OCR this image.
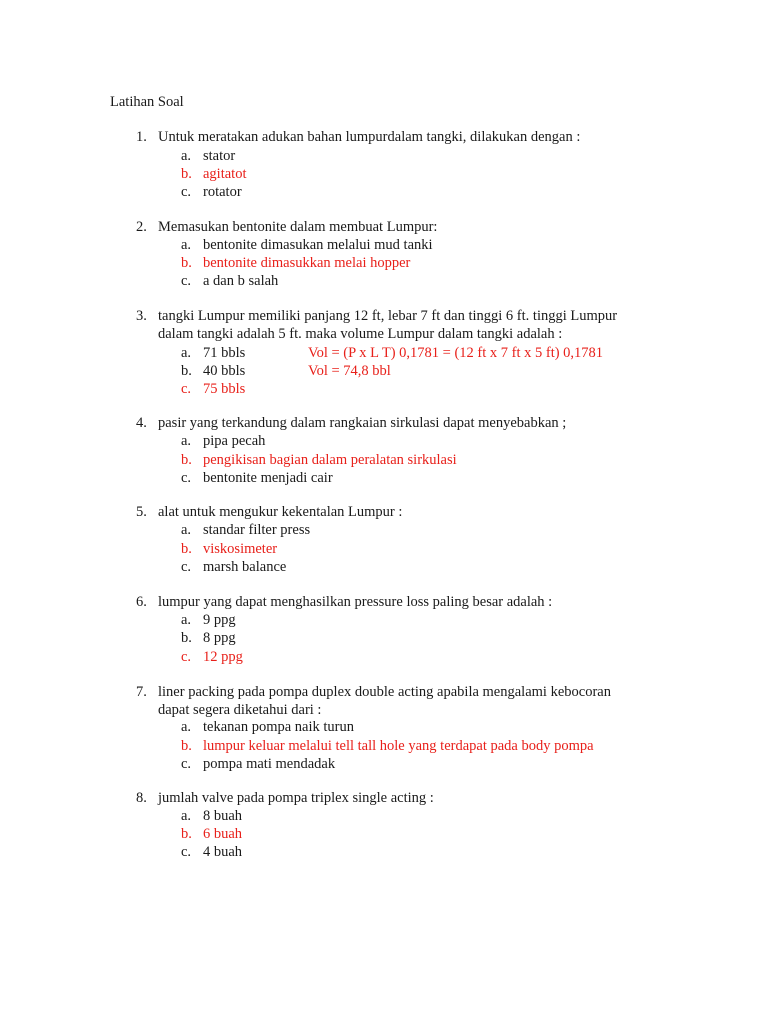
Latihan Soal
1. Untuk meratakan adukan bahan lumpurdalam tangki, dilakukan dengan :
a. stator
b. agitatot
c. rotator
2. Memasukan bentonite dalam membuat Lumpur:
a. bentonite dimasukan melalui mud tanki
b. bentonite dimasukkan melai hopper
c. a dan b salah
3. tangki Lumpur memiliki panjang 12 ft, lebar 7 ft dan tinggi 6 ft. tinggi Lumpur
dalam tangki adalah 5 ft. maka volume Lumpur dalam tangki adalah :
a. 71 bbls	Vol = (P x L T) 0,1781 = (12 ft x 7 ft x 5 ft) 0,1781
b. 40 bbls	Vol = 74,8 bbl
c. 75 bbls
4. pasir yang terkandung dalam rangkaian sirkulasi dapat menyebabkan ;
a. pipa pecah
b. pengikisan bagian dalam peralatan sirkulasi
c. bentonite menjadi cair
5. alat untuk mengukur kekentalan Lumpur :
a. standar filter press
b. viskosimeter
c. marsh balance
6. lumpur yang dapat menghasilkan pressure loss paling besar adalah :
a. 9 ppg
b. 8 ppg
c. 12 ppg
7. liner packing pada pompa duplex double acting apabila mengalami kebocoran
dapat segera diketahui dari :
a. tekanan pompa naik turun
b. lumpur keluar melalui tell tall hole yang terdapat pada body pompa
c. pompa mati mendadak
8. jumlah valve pada pompa triplex single acting :
a. 8 buah
b. 6 buah
c. 4 buah
